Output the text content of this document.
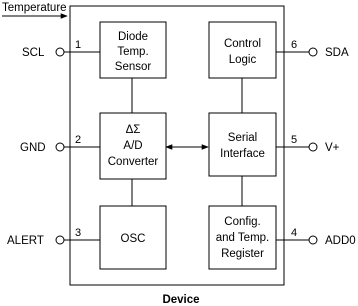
Temperature
Diode
Temp.
Sensor
Control
Logic
ΔΣ
A/D
Converter
Serial
Interface
OSC
Config.
and Temp.
Register
SCL
1
GND
2
ALERT
3
SDA
6
V+
5
ADD0
4
Device
